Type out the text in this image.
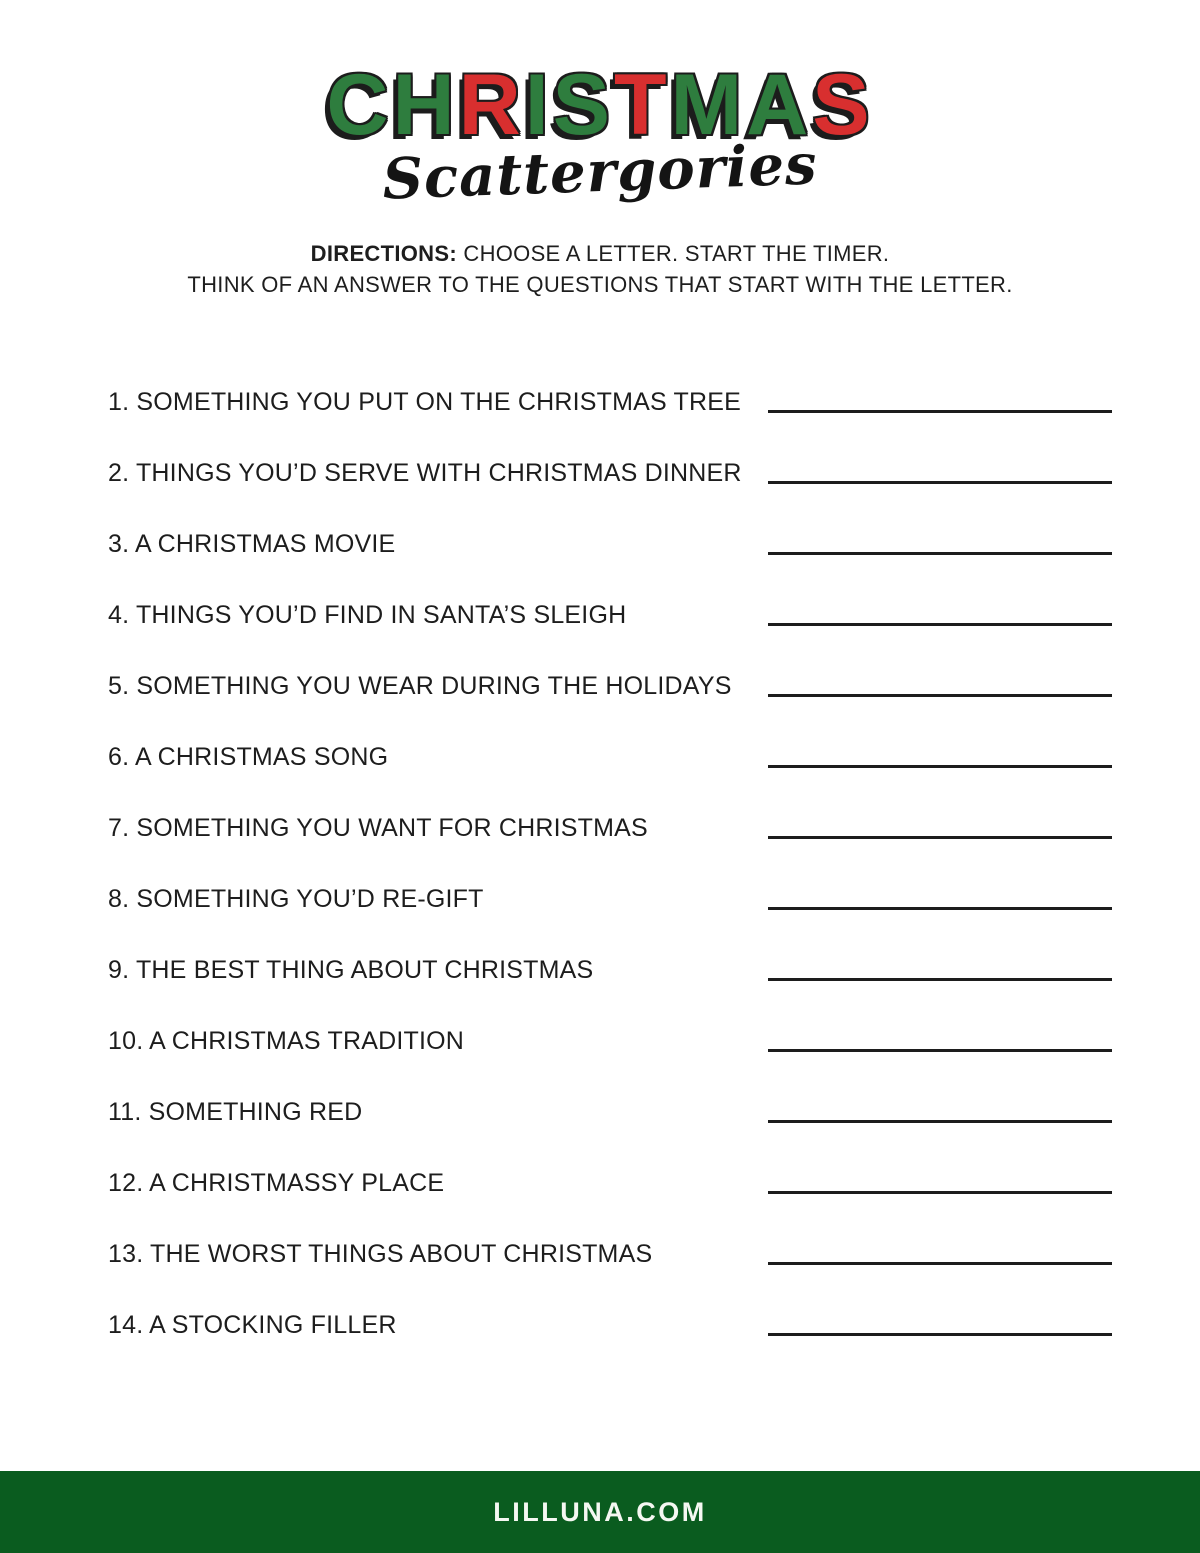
CHRISTMAS
Scattergories
DIRECTIONS: CHOOSE A LETTER. START THE TIMER.
THINK OF AN ANSWER TO THE QUESTIONS THAT START WITH THE LETTER.
1. SOMETHING YOU PUT ON THE CHRISTMAS TREE
2. THINGS YOU’D SERVE WITH CHRISTMAS DINNER
3. A CHRISTMAS MOVIE
4. THINGS YOU’D FIND IN SANTA’S SLEIGH
5. SOMETHING YOU WEAR DURING THE HOLIDAYS
6. A CHRISTMAS SONG
7. SOMETHING YOU WANT FOR CHRISTMAS
8. SOMETHING YOU’D RE-GIFT
9. THE BEST THING ABOUT CHRISTMAS
10. A CHRISTMAS TRADITION
11. SOMETHING RED
12. A CHRISTMASSY PLACE
13. THE WORST THINGS ABOUT CHRISTMAS
14. A STOCKING FILLER
LILLUNA.COM
